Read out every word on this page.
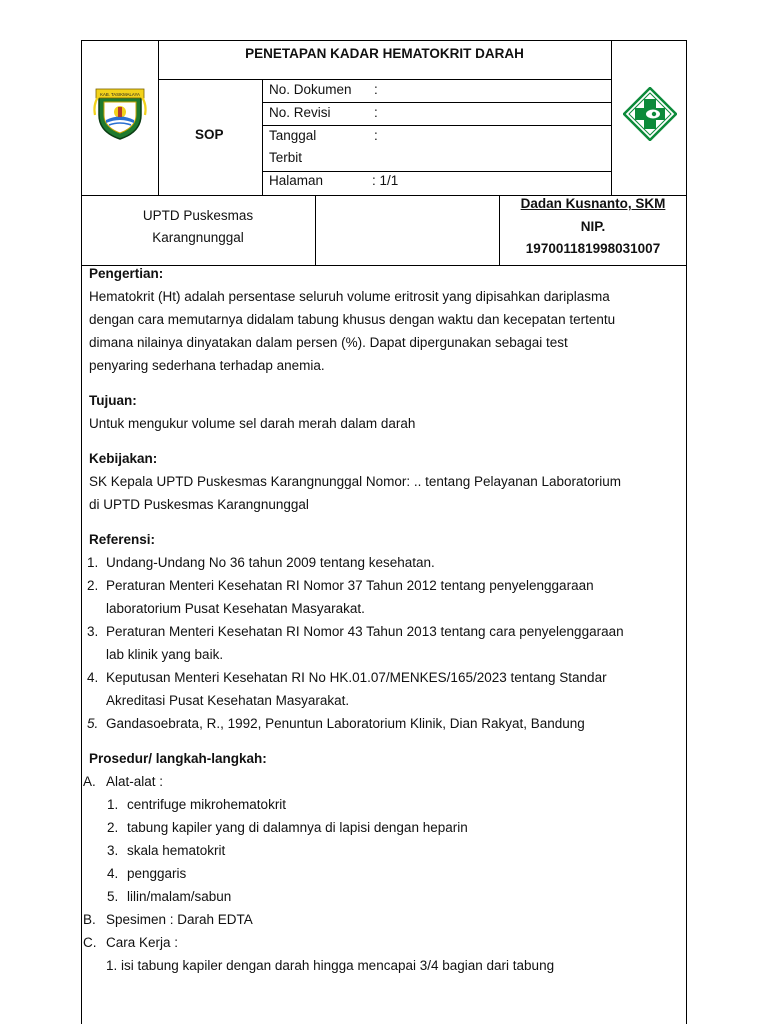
KAB. TASIKMALAYA
PENETAPAN KADAR HEMATOKRIT DARAH
SOP
No. Dokumen :
No. Revisi	:
Tanggal	:
Terbit
Halaman	: 1/1
UPTD Puskesmas
Karangnunggal
Dadan Kusnanto, SKM
NIP.
197001181998031007
Pengertian:
Hematokrit (Ht) adalah persentase seluruh volume eritrosit yang dipisahkan dariplasma
dengan cara memutarnya didalam tabung khusus dengan waktu dan kecepatan tertentu
dimana nilainya dinyatakan dalam persen (%). Dapat dipergunakan sebagai test
penyaring sederhana terhadap anemia.
Tujuan:
Untuk mengukur volume sel darah merah dalam darah
Kebijakan:
SK Kepala UPTD Puskesmas Karangnunggal Nomor: .. tentang Pelayanan Laboratorium
di UPTD Puskesmas Karangnunggal
Referensi:
1. Undang-Undang No 36 tahun 2009 tentang kesehatan.
2. Peraturan Menteri Kesehatan RI Nomor 37 Tahun 2012 tentang penyelenggaraan
laboratorium Pusat Kesehatan Masyarakat.
3. Peraturan Menteri Kesehatan RI Nomor 43 Tahun 2013 tentang cara penyelenggaraan
lab klinik yang baik.
4. Keputusan Menteri Kesehatan RI No HK.01.07/MENKES/165/2023 tentang Standar
Akreditasi Pusat Kesehatan Masyarakat.
5. Gandasoebrata, R., 1992, Penuntun Laboratorium Klinik, Dian Rakyat, Bandung
Prosedur/ langkah-langkah:
A. Alat-alat :
1. centrifuge mikrohematokrit
2. tabung kapiler yang di dalamnya di lapisi dengan heparin
3. skala hematokrit
4. penggaris
5. lilin/malam/sabun
B. Spesimen : Darah EDTA
C. Cara Kerja :
1. isi tabung kapiler dengan darah hingga mencapai 3/4 bagian dari tabung
